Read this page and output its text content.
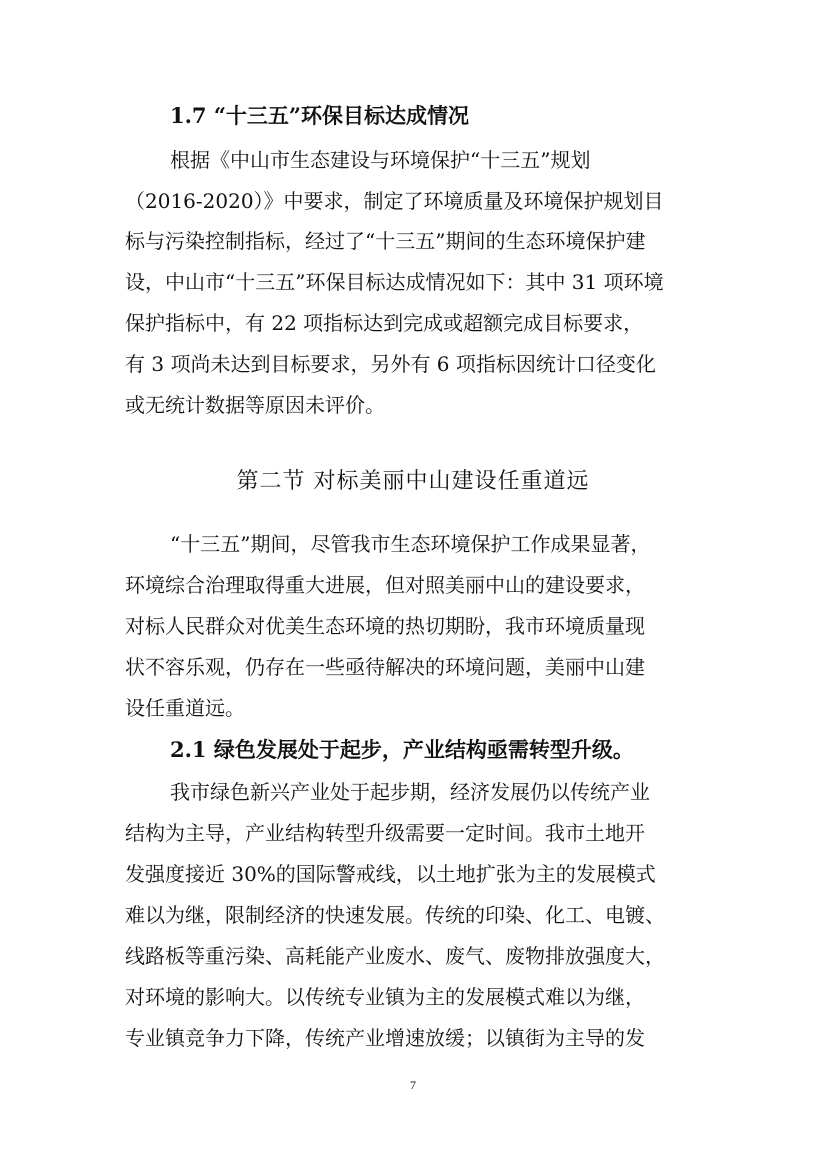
1.7 “十三五”环保目标达成情况
根据《中山市生态建设与环境保护“十三五”规划
（2016-2020）》中要求，制定了环境质量及环境保护规划目
标与污染控制指标，经过了“十三五”期间的生态环境保护建
设，中山市“十三五”环保目标达成情况如下：其中 31 项环境
保护指标中，有 22 项指标达到完成或超额完成目标要求，
有 3 项尚未达到目标要求，另外有 6 项指标因统计口径变化
或无统计数据等原因未评价。
第二节 对标美丽中山建设任重道远
“十三五”期间，尽管我市生态环境保护工作成果显著，
环境综合治理取得重大进展，但对照美丽中山的建设要求，
对标人民群众对优美生态环境的热切期盼，我市环境质量现
状不容乐观，仍存在一些亟待解决的环境问题，美丽中山建
设任重道远。
2.1 绿色发展处于起步，产业结构亟需转型升级。
我市绿色新兴产业处于起步期，经济发展仍以传统产业
结构为主导，产业结构转型升级需要一定时间。我市土地开
发强度接近 30%的国际警戒线，以土地扩张为主的发展模式
难以为继，限制经济的快速发展。传统的印染、化工、电镀、
线路板等重污染、高耗能产业废水、废气、废物排放强度大，
对环境的影响大。以传统专业镇为主的发展模式难以为继，
专业镇竞争力下降，传统产业增速放缓；以镇街为主导的发
7
